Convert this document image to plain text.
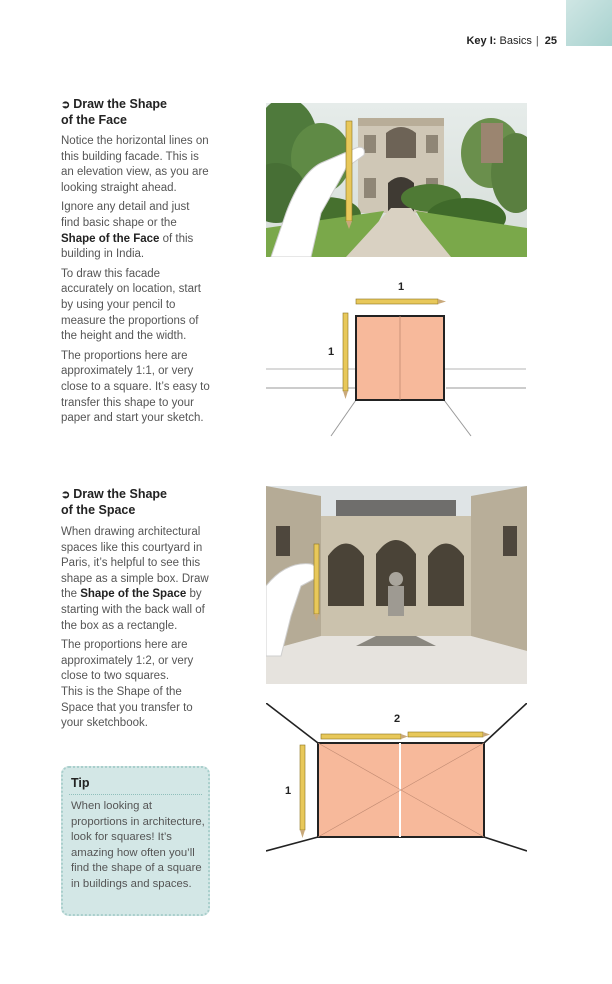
Key I: Basics | 25
➲ Draw the Shape
of the Face

Notice the horizontal lines on this building facade. This is an elevation view, as you are looking straight ahead.

Ignore any detail and just find basic shape or the Shape of the Face of this building in India.

To draw this facade accurately on location, start by using your pencil to measure the proportions of the height and the width.

The proportions here are approximately 1:1, or very close to a square. It’s easy to transfer this shape to your paper and start your sketch.

1
1
➲ Draw the Shape
of the Space

When drawing architectural spaces like this courtyard in Paris, it’s helpful to see this shape as a simple box. Draw the Shape of the Space by starting with the back wall of the box as a rectangle.

The proportions here are approximately 1:2, or very close to two squares.

This is the Shape of the Space that you transfer to your sketchbook.	2
1
Tip
When looking at proportions in architecture, look for squares! It’s amazing how often you’ll find the shape of a square in buildings and spaces.
